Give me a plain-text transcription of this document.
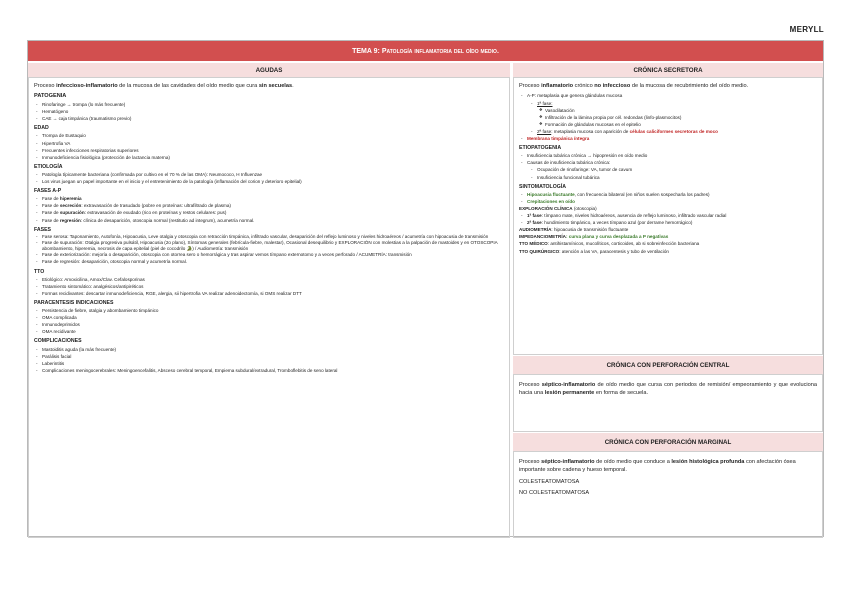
MERYLL
TEMA 9:
Patología inflamatoria del oído medio.
AGUDAS
Proceso infeccioso-inflamatorio de la mucosa de las cavidades del oído medio que cura sin secuelas.
PATOGENIA
- Rinofaringe → trompa (lo más frecuente)
- Hematógeno
- CAE → caja timpánica (traumatismo previo)
EDAD
- Trompa de Eustaquio
- Hipertrofia VA
- Frecuentes infecciones respiratorias superiores
- Inmunodeficiencia fisiológica (protección de lactancia materna)
ETIOLOGÍA
- Patología típicamente bacteriana (confirmada por cultivo en el 70 % de las OMA): Neumococo, H Influenzae
- Los virus juegan un papel importante en el inicio y el entretenimiento de la patología (inflamación del corion y deterioro epitelial)
FASES A-P
- Fase de hiperemia
- Fase de secreción: extravasación de trasudado (pobre en proteínas: ultrafiltrado de plasma)
- Fase de supuración: extravasación de exudado (rico en proteínas y restos celulares: pus)
- Fase de regresión: clínica de desaparición, otoscopia normal (restitutio ad integrum), acumetría normal.
FASES
- Fase serosa: Taponamiento, Autofonía, Hipoacusia, Leve otalgia y otoscopia con retracción timpánica, infiltrado vascular, desaparición del reflejo luminoso y niveles hidroaéreos / acumetría con hipoacusia de transmisión
- Fase de supuración: Otalgia progresiva pulsátil, Hipoacusia (2o plano), Síntomas generales (febrícula-fiebre, malestar), Ocasional desequilibrio y EXPLORACIÓN con molestias a la palpación de mastoides y en OTOSCOPIA abombamiento, hiperemia, necrosis de capa epitelial (piel de cocodrilo 🐊) / Audiometría: transmisión
- Fase de exteriorización: mejoría o desaparición, otoscopia con otorrea sero o hemorrágica y tras aspirar vemos tímpano externotomo y a veces perforado / ACUMETRÍA: transmisión
- Fase de regresión: desaparición, otoscopia normal y acumetría normal.
TTO
- Etiológico: Amoxicilina, Amox/Clav. Cefalosporinas
- Tratamiento sintomático: analgésicos/antipiréticos
- Formas recidivantes: descartar inmunodeficiencia, RGE, alergia, sii hipertrofia VA realizar adenoidectomía, si OMS realizar DTT
PARACENTESIS INDICACIONES
- Persistencia de fiebre, otalgia y abombamiento timpánico
- OMA complicada
- Inmunodeprimidos
- OMA recidivante
COMPLICACIONES
- Mastoiditis aguda (la más frecuente)
- Parálisis facial
- Laberintitis
- Complicaciones meningocerebrales: Meningoencefalitis, Absceso cerebral temporal, Empiema subdural/extradural, Tromboflebitis de seno lateral
CRÓNICA SECRETORA
Proceso inflamatorio crónico no infeccioso de la mucosa de recubrimiento del oído medio.
- A-P: metaplasia que genera glándulas mucosa
- 1ª fase:
❖ Vasodilatación
❖ Infiltración de la lámina propia por cél. redondas (linfo-plasmocitos)
❖ Formación de glándulas mucosas en el epitelio
- 2ª fase: metaplasia mucosa con aparición de células caliciformes secretoras de moco
- Membrana timpánica íntegra
ETIOPATOGENIA
- Insuficiencia tubárica crónica → hipopresión en oído medio
- Causas de insuficiencia tubárica crónica:
- Ocupación de rinofaringe: VA, tumor de cavum
- Insuficiencia funcional tubárica
SINTOMATOLOGÍA
- Hipoacusia fluctuante, con frecuencia bilateral (en niños suelen sospecharla los padres)
- Crepitaciones en oído
EXPLORACIÓN CLÍNICA (otoscopia)
- 1ª fase: tímpano mate, niveles hidroaéreos, ausencia de reflejo luminoso, infiltrado vascular radial
- 2ª fase: hundimiento timpánico, a veces tímpano azul (por derrame hemorrágico)
AUDIOMETRÍA: hipoacusia de transmisión fluctuante
IMPEDANCIOMETRÍA: curva plana y curva desplazada a P negativas
TTO MÉDICO: antihistamínicos, mucolíticos, corticoides, ab si sobreinfección bacteriana
TTO QUIRÚRGICO: atención a las VA, paracentesis y tubo de ventilación
CRÓNICA CON PERFORACIÓN CENTRAL
Proceso séptico-inflamatorio de oído medio que cursa con periodos de remisión/ empeoramiento y que evoluciona hacia una lesión permanente en forma de secuela.
CRÓNICA CON PERFORACIÓN MARGINAL
Proceso séptico-inflamatorio de oído medio que conduce a lesión histológica profunda con afectación ósea importante sobre cadena y hueso temporal.
COLESTEATOMATOSA
NO COLESTEATOMATOSA
